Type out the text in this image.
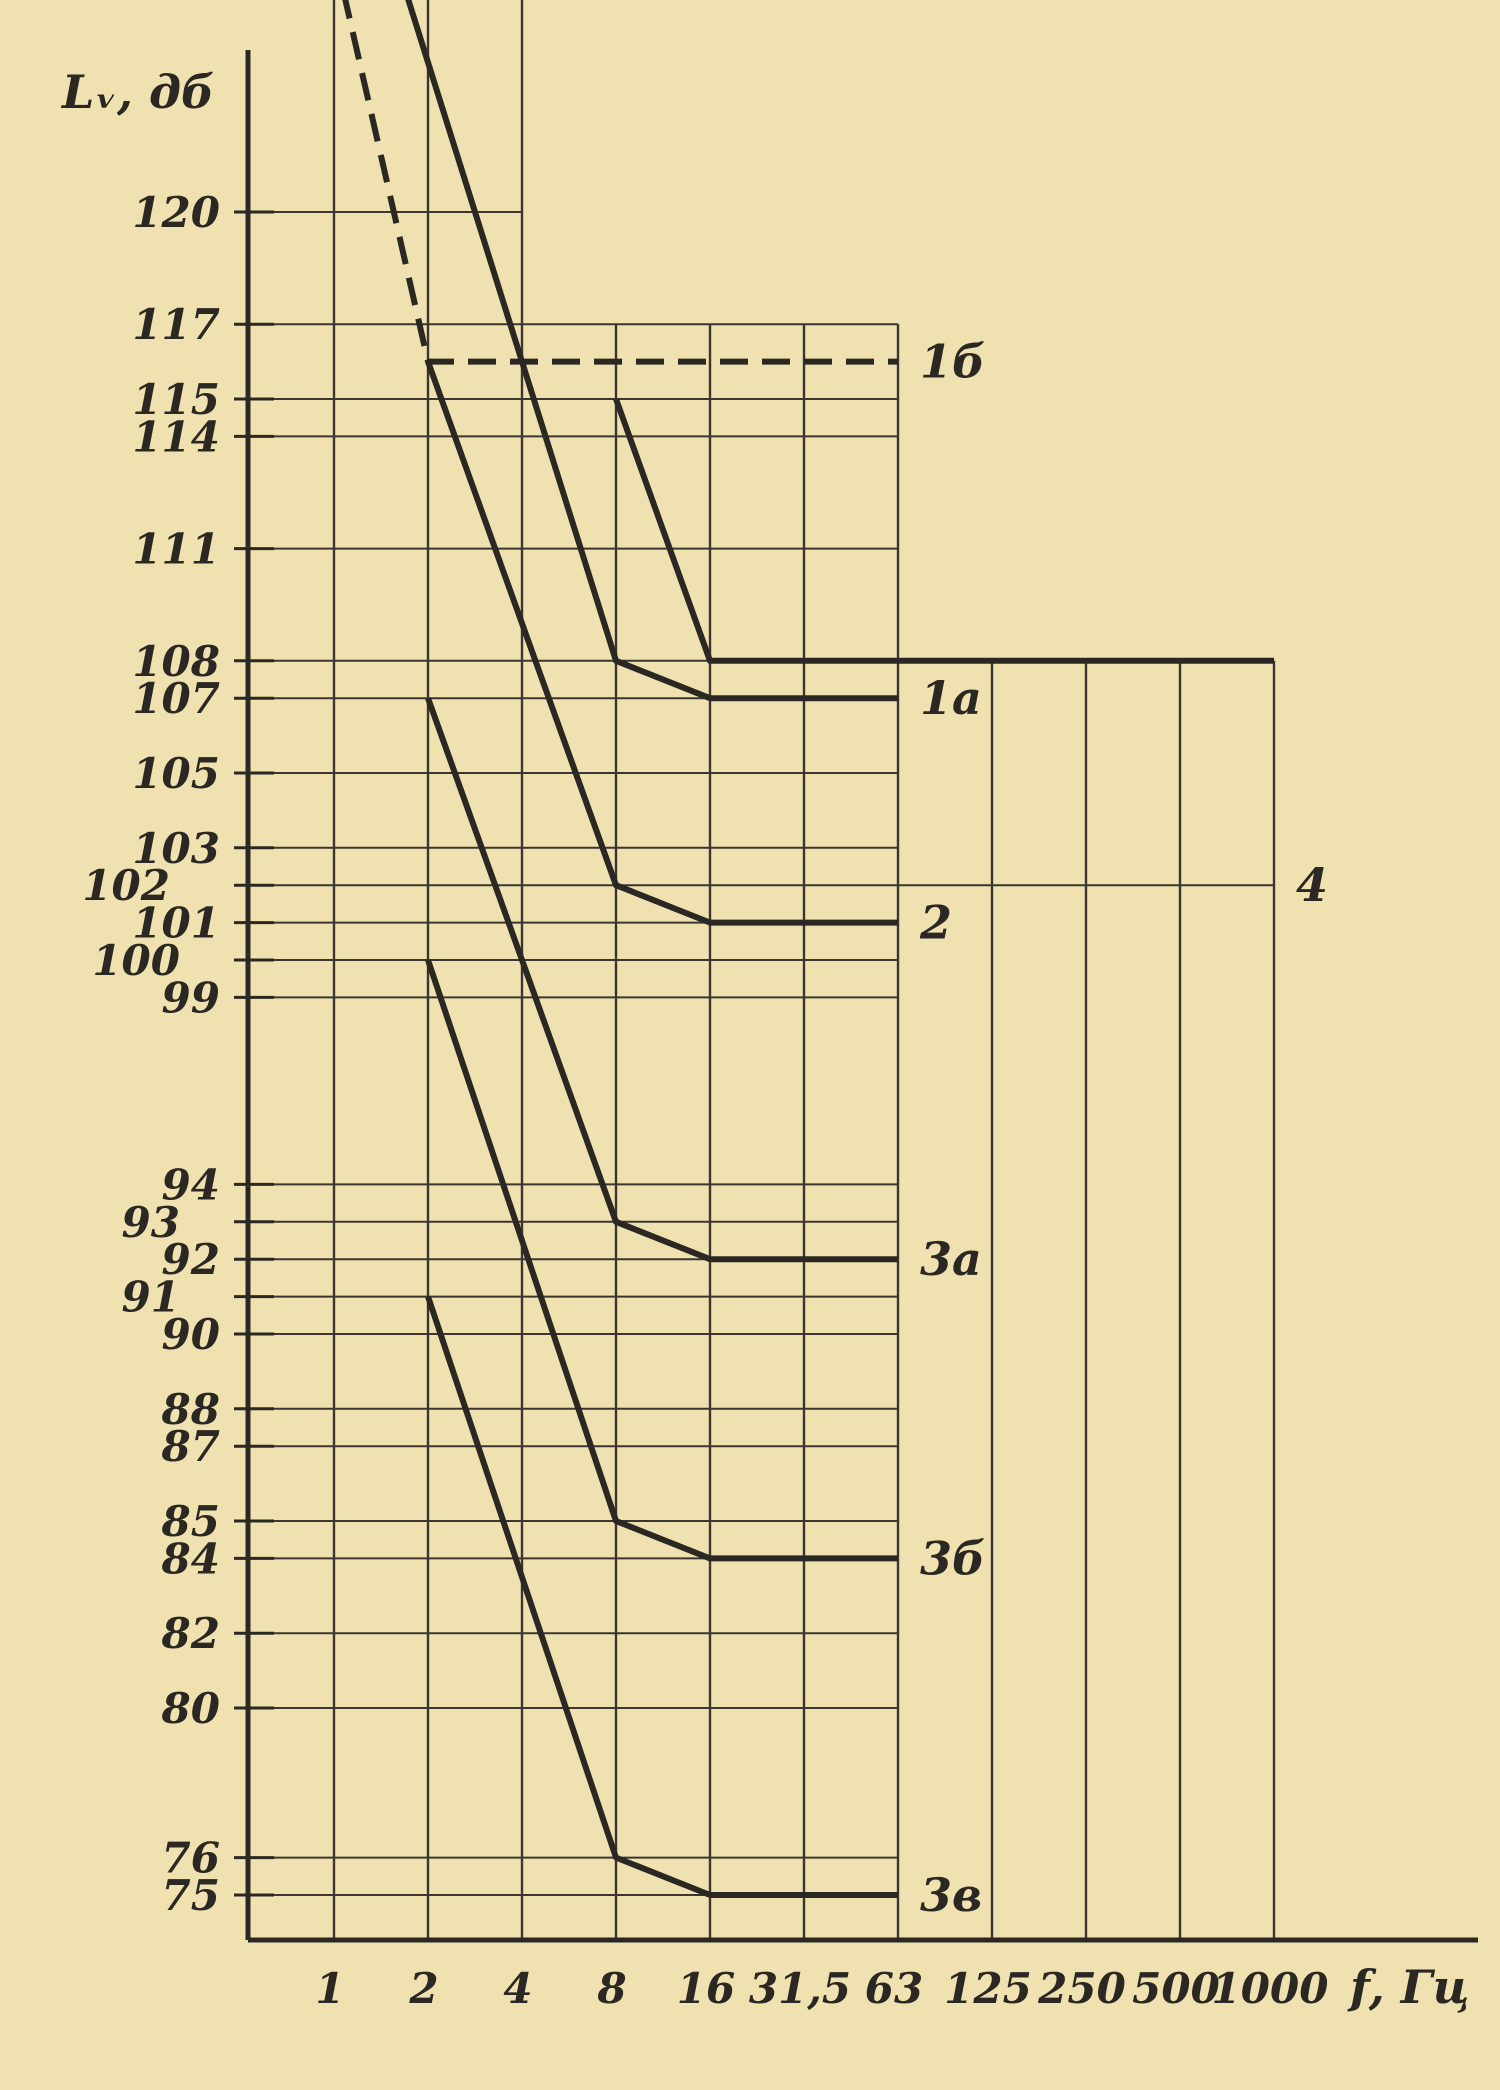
1а
1б
2
3а
3б
3в
4
120
117
115
114
111
108
107
105
103
102
101
100
99
94
93
92
91
90
88
87
85
84
82
80
76
75
1 2 4 8 16 31,5 63 125 250 500
1000
Lᵥ, дб
f, Гц
